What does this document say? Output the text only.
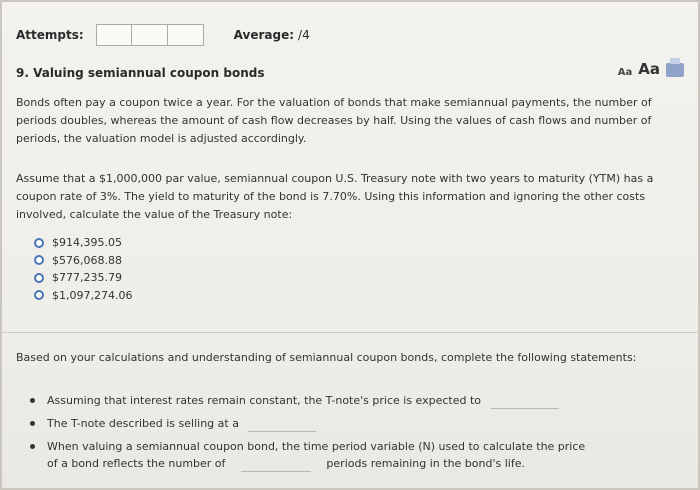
Attempts:	Average: /4
9. Valuing semiannual coupon bonds	Aa Aa
Bonds often pay a coupon twice a year. For the valuation of bonds that make semiannual payments, the number of periods doubles, whereas the amount of cash flow decreases by half. Using the values of cash flows and number of periods, the valuation model is adjusted accordingly.
Assume that a $1,000,000 par value, semiannual coupon U.S. Treasury note with two years to maturity (YTM) has a coupon rate of 3%. The yield to maturity of the bond is 7.70%. Using this information and ignoring the other costs involved, calculate the value of the Treasury note:
$914,395.05
$576,068.88
$777,235.79
$1,097,274.06
Based on your calculations and understanding of semiannual coupon bonds, complete the following statements:
Assuming that interest rates remain constant, the T-note's price is expected to
The T-note described is selling at a
When valuing a semiannual coupon bond, the time period variable (N) used to calculate the price
of a bond reflects the number of	periods remaining in the bond's life.
